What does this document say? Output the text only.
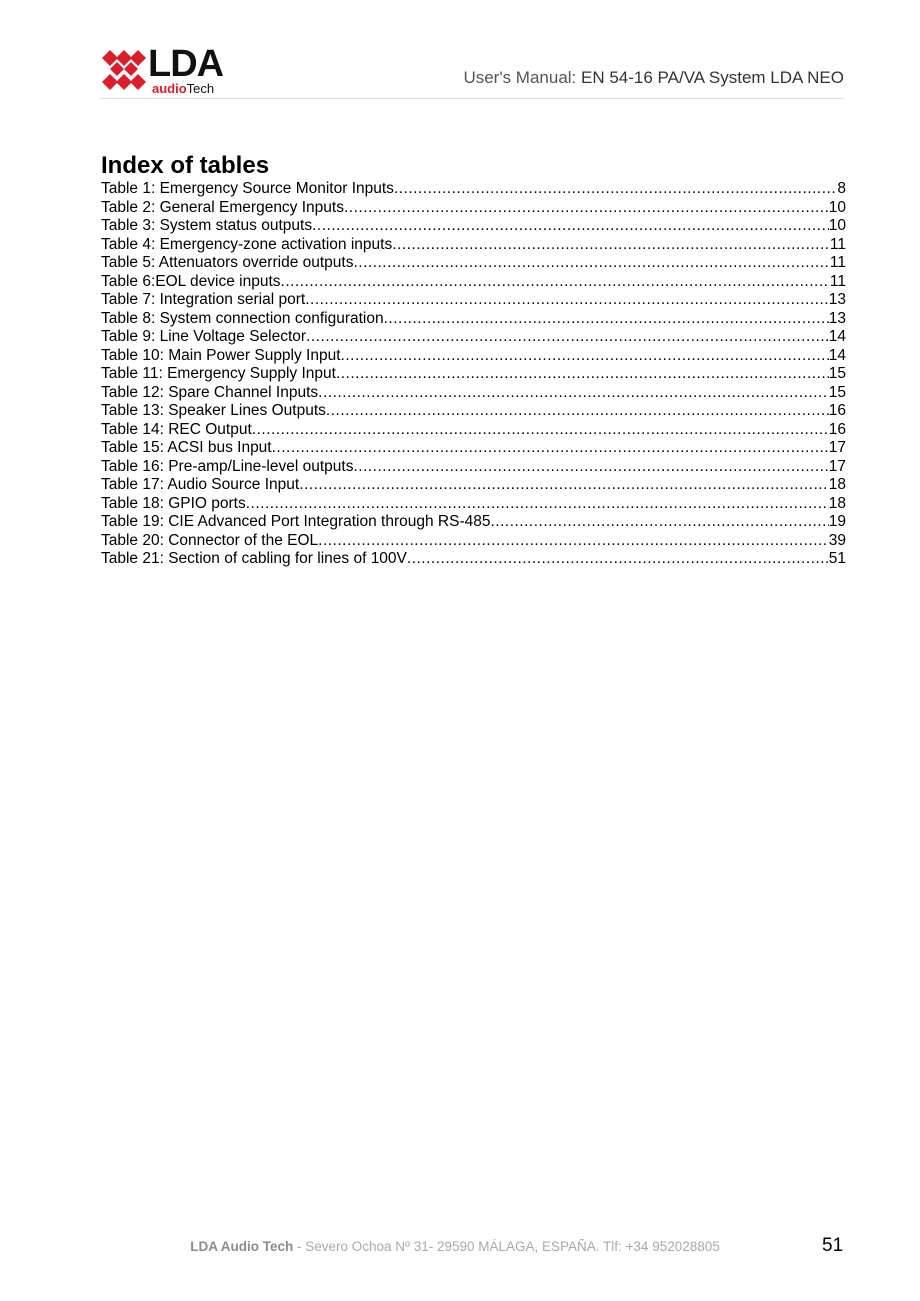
LDA
audioTech
User's Manual: EN 54-16 PA/VA System LDA NEO
Index of tables
Table 1: Emergency Source Monitor Inputs .....	8
Table 2: General Emergency Inputs .....	10
Table 3: System status outputs .....	10
Table 4: Emergency-zone activation inputs .....	11
Table 5: Attenuators override outputs .....	11
Table 6:EOL device inputs .....	11
Table 7: Integration serial port .....	13
Table 8: System connection configuration .....	13
Table 9: Line Voltage Selector .....	14
Table 10: Main Power Supply Input .....	14
Table 11: Emergency Supply Input .....	15
Table 12: Spare Channel Inputs .....	15
Table 13: Speaker Lines Outputs .....	16
Table 14: REC Output .....	16
Table 15: ACSI bus Input .....	17
Table 16: Pre-amp/Line-level outputs .....	17
Table 17: Audio Source Input .....	18
Table 18: GPIO ports .....	18
Table 19: CIE Advanced Port Integration through RS-485 .....	19
Table 20: Connector of the EOL .....	39
Table 21: Section of cabling for lines of 100V .....	51
LDA Audio Tech - Severo Ochoa Nº 31- 29590 MÁLAGA, ESPAÑA. Tlf: +34 952028805	51
